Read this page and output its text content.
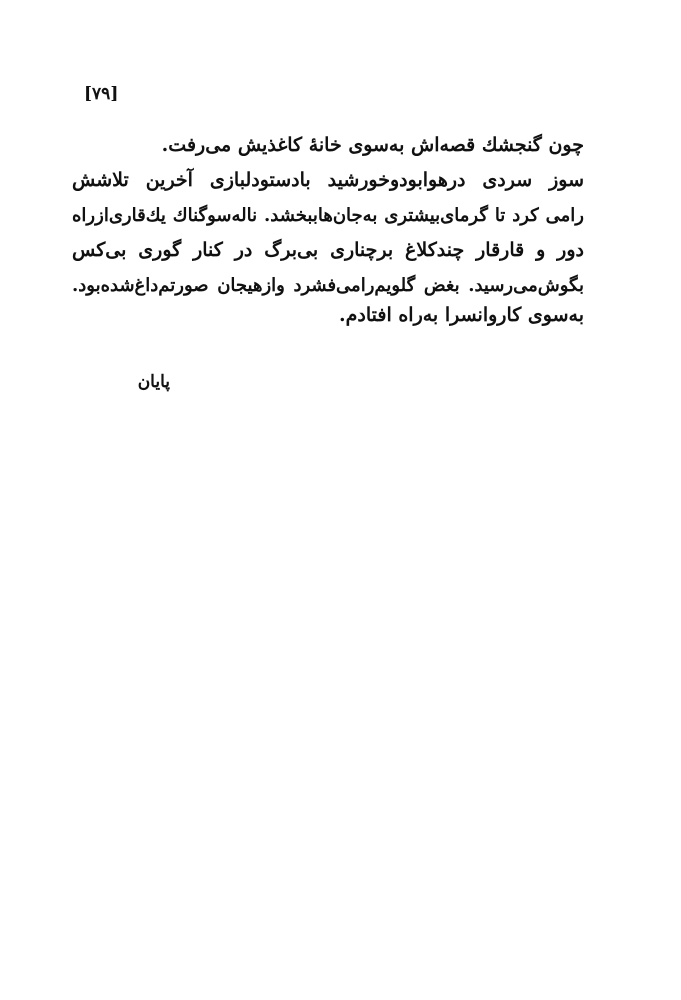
[۷۹]
چون گنجشك قصه‌اش به‌سوی خانهٔ کاغذیش می‌رفت.
سوز سردی درهوابودوخورشید بادستودلبازی آخرین تلاشش
رامی کرد تا گرمای‌بیشتری به‌جان‌هاببخشد. ناله‌سوگناك یك‌قاری‌ازراه
دور و قارقار چندکلاغ برچناری بی‌برگ در کنار گوری بی‌کس
بگوش‌می‌رسید. بغض گلویم‌رامی‌فشرد وازهیجان صورتم‌داغ‌شده‌بود.
به‌سوی کاروانسرا به‌راه افتادم.
پایان
